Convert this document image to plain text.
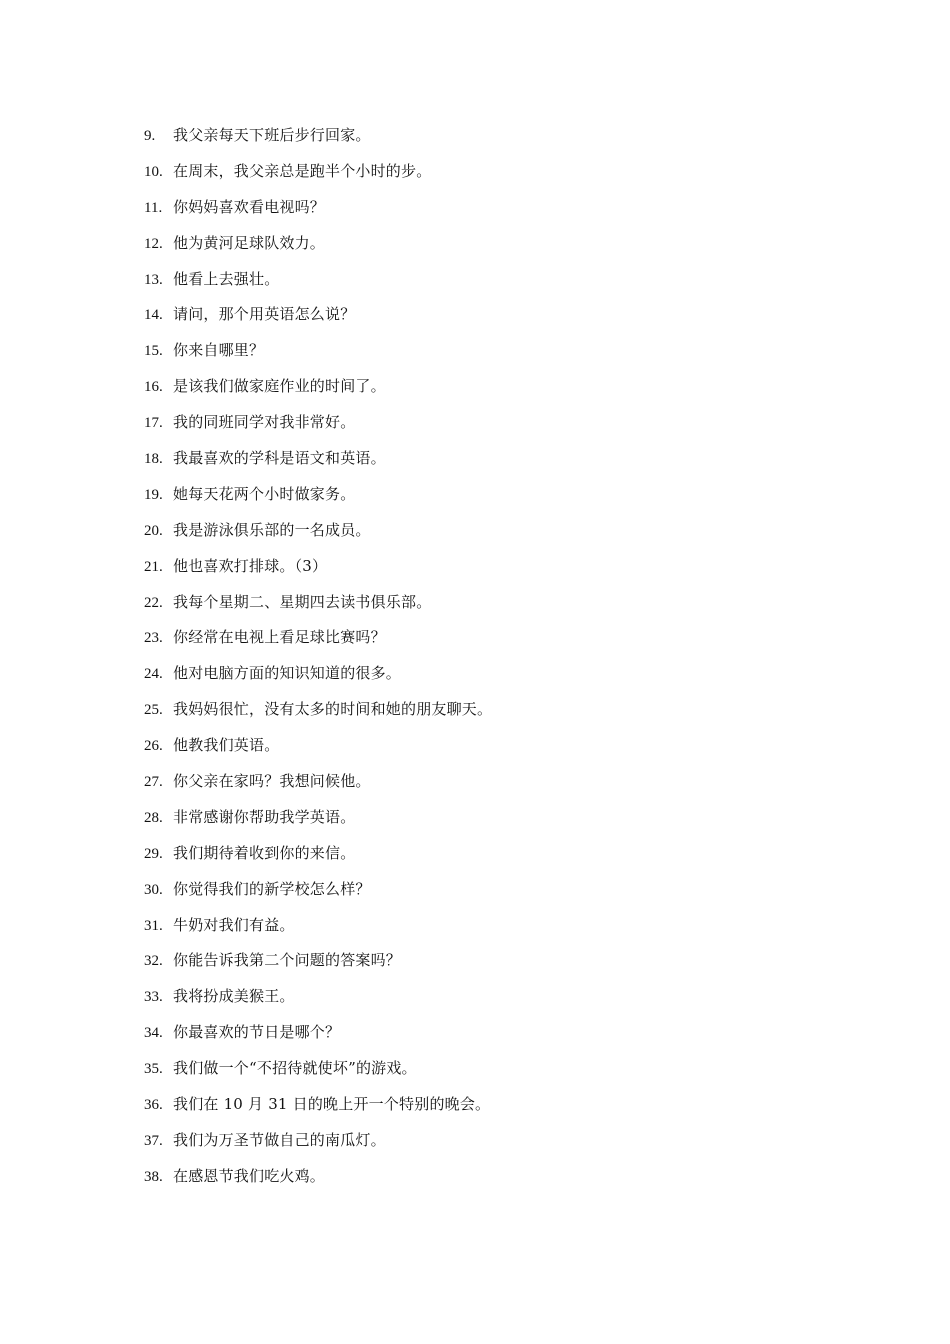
9.	我父亲每天下班后步行回家。
10. 在周末，我父亲总是跑半个小时的步。
11. 你妈妈喜欢看电视吗？
12. 他为黄河足球队效力。
13. 他看上去强壮。
14. 请问，那个用英语怎么说？
15. 你来自哪里？
16. 是该我们做家庭作业的时间了。
17. 我的同班同学对我非常好。
18. 我最喜欢的学科是语文和英语。
19. 她每天花两个小时做家务。
20. 我是游泳俱乐部的一名成员。
21. 他也喜欢打排球。（3）
22. 我每个星期二、星期四去读书俱乐部。
23. 你经常在电视上看足球比赛吗？
24. 他对电脑方面的知识知道的很多。
25. 我妈妈很忙，没有太多的时间和她的朋友聊天。
26. 他教我们英语。
27. 你父亲在家吗？我想问候他。
28. 非常感谢你帮助我学英语。
29. 我们期待着收到你的来信。
30. 你觉得我们的新学校怎么样？
31. 牛奶对我们有益。
32. 你能告诉我第二个问题的答案吗？
33. 我将扮成美猴王。
34. 你最喜欢的节日是哪个？
35. 我们做一个“不招待就使坏”的游戏。
36. 我们在 10 月 31 日的晚上开一个特别的晚会。
37. 我们为万圣节做自己的南瓜灯。
38. 在感恩节我们吃火鸡。
